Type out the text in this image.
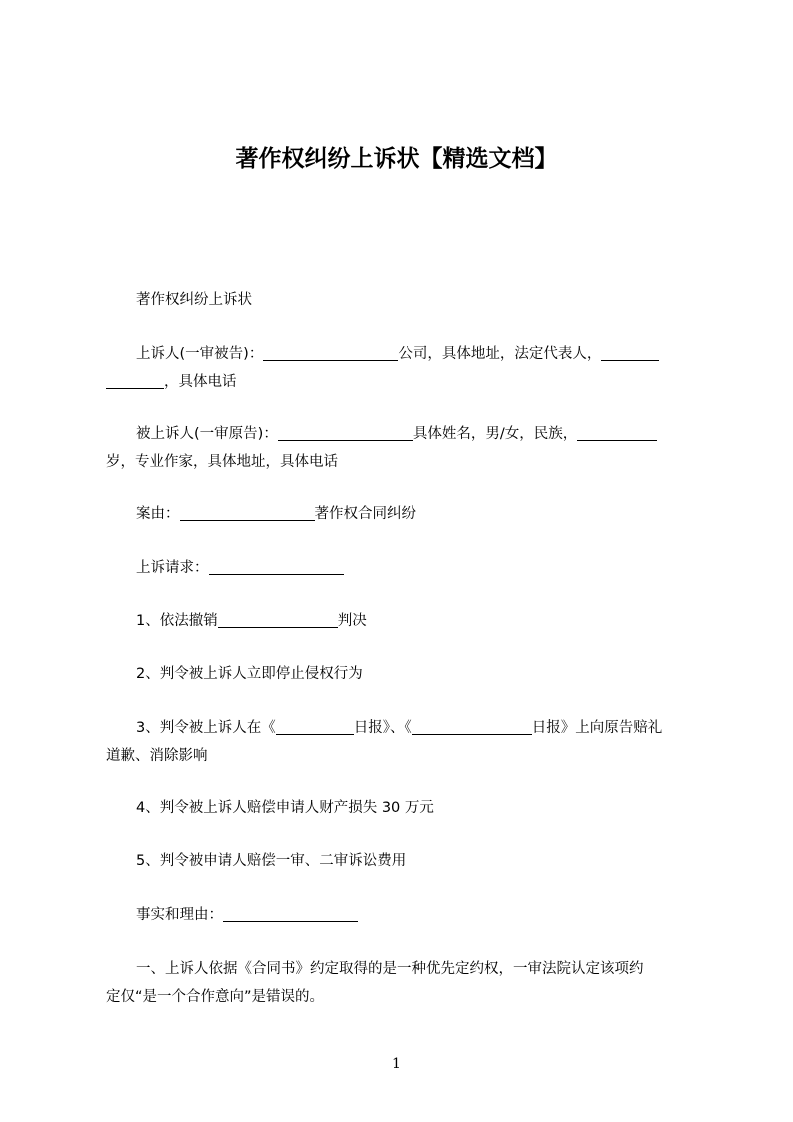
著作权纠纷上诉状【精选文档】
著作权纠纷上诉状
上诉人(一审被告)：	公司，具体地址，法定代表人，
，具体电话
被上诉人(一审原告)：	具体姓名，男/女，民族，
岁，专业作家，具体地址，具体电话
案由：	著作权合同纠纷
上诉请求：
1、依法撤销	判决
2、判令被上诉人立即停止侵权行为
3、判令被上诉人在《	日报》、《	日报》上向原告赔礼
道歉、消除影响
4、判令被上诉人赔偿申请人财产损失 30 万元
5、判令被申请人赔偿一审、二审诉讼费用
事实和理由：
一、上诉人依据《合同书》约定取得的是一种优先定约权，一审法院认定该项约
定仅“是一个合作意向”是错误的。
1
